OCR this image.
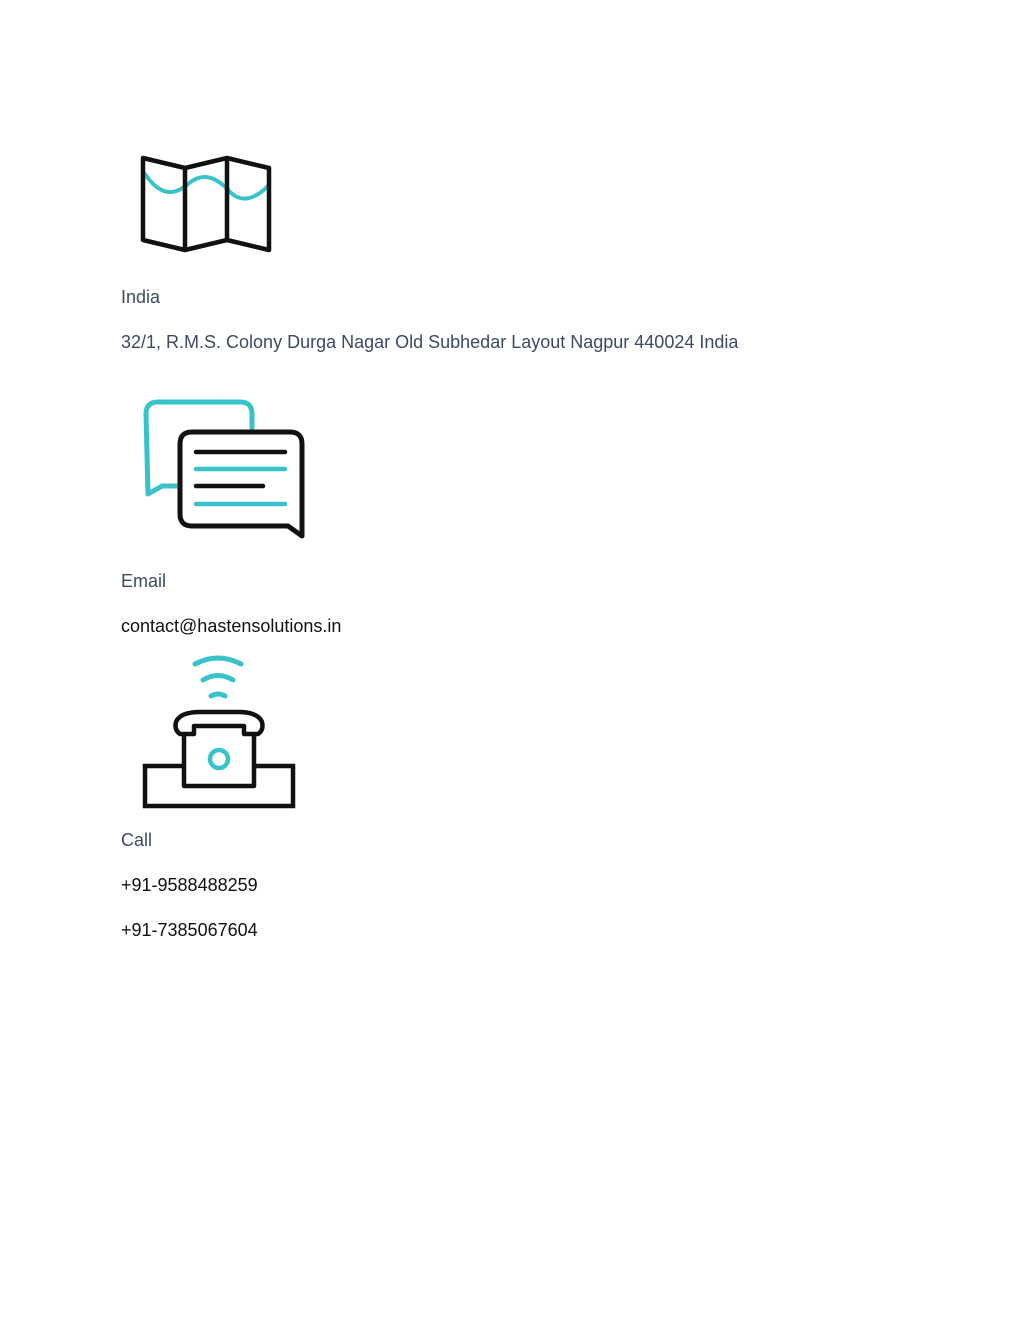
India

32/1, R.M.S. Colony Durga Nagar Old Subhedar Layout Nagpur 440024 India

Email

contact@hastensolutions.in

Call

+91-9588488259
+91-7385067604
